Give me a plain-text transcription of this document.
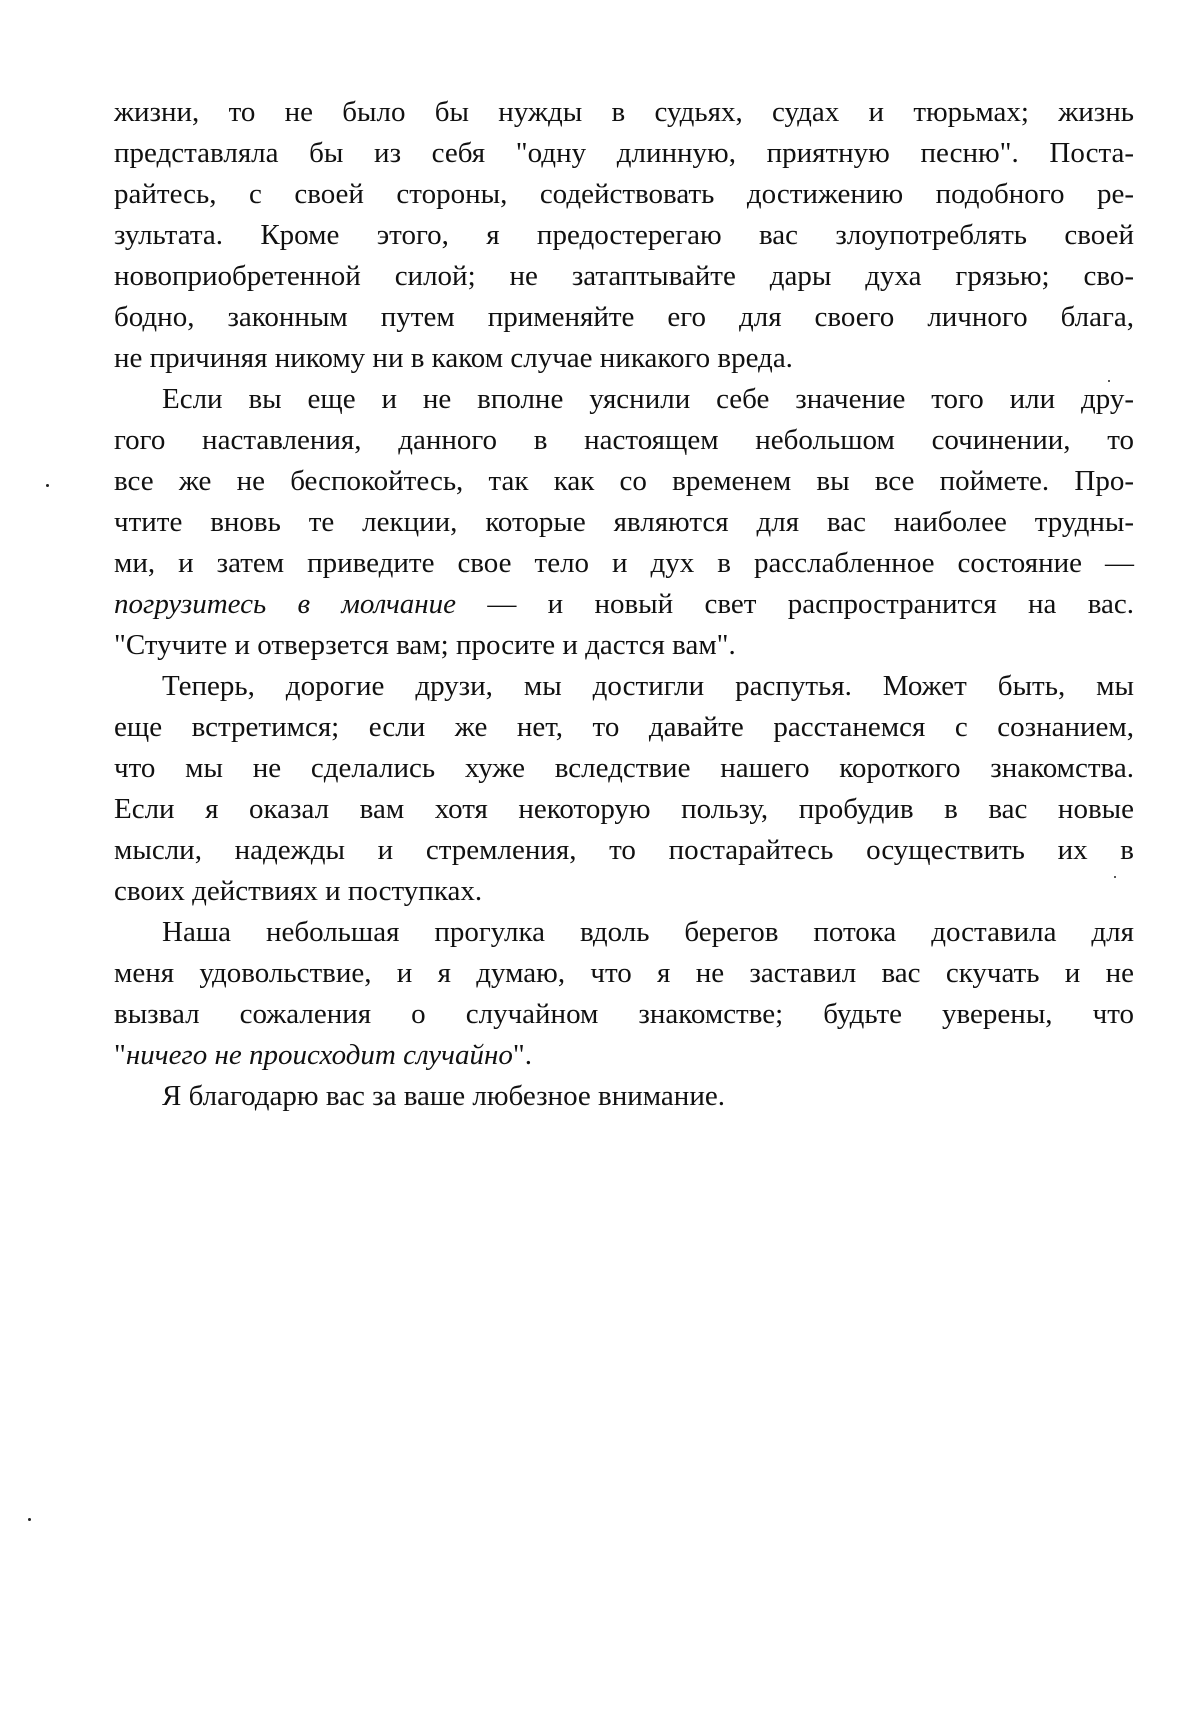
жизни, то не было бы нужды в судьях, судах и тюрьмах; жизнь
представляла бы из себя "одну длинную, приятную песню". Поста-
райтесь, с своей стороны, содействовать достижению подобного ре-
зультата. Кроме этого, я предостерегаю вас злоупотреблять своей
новоприобретенной силой; не затаптывайте дары духа грязью; сво-
бодно, законным путем применяйте его для своего личного блага,
не причиняя никому ни в каком случае никакого вреда.
Если вы еще и не вполне уяснили себе значение того или дру-
гого наставления, данного в настоящем небольшом сочинении, то
все же не беспокойтесь, так как со временем вы все поймете. Про-
чтите вновь те лекции, которые являются для вас наиболее трудны-
ми, и затем приведите свое тело и дух в расслабленное состояние —
погрузитесь в молчание — и новый свет распространится на вас.
"Стучите и отверзется вам; просите и дастся вам".
Теперь, дорогие друзи, мы достигли распутья. Может быть, мы
еще встретимся; если же нет, то давайте расстанемся с сознанием,
что мы не сделались хуже вследствие нашего короткого знакомства.
Если я оказал вам хотя некоторую пользу, пробудив в вас новые
мысли, надежды и стремления, то постарайтесь осуществить их в
своих действиях и поступках.
Наша небольшая прогулка вдоль берегов потока доставила для
меня удовольствие, и я думаю, что я не заставил вас скучать и не
вызвал сожаления о случайном знакомстве; будьте уверены, что
"ничего не происходит случайно".
Я благодарю вас за ваше любезное внимание.
